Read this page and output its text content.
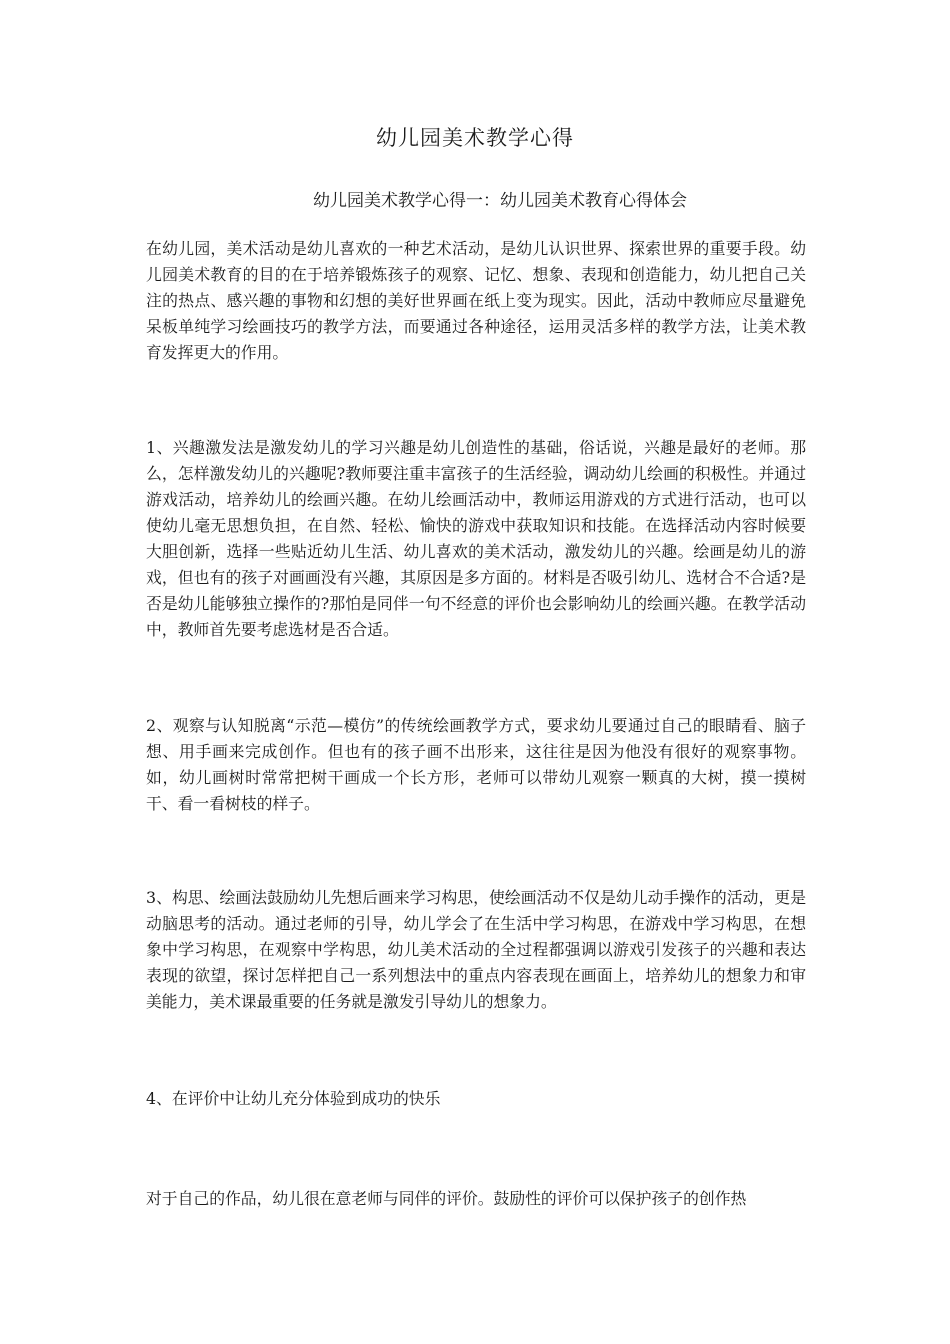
幼儿园美术教学心得
幼儿园美术教学心得一：幼儿园美术教育心得体会

在幼儿园，美术活动是幼儿喜欢的一种艺术活动，是幼儿认识世界、探索世界的重要手段。幼儿园美术教育的目的在于培养锻炼孩子的观察、记忆、想象、表现和创造能力，幼儿把自己关注的热点、感兴趣的事物和幻想的美好世界画在纸上变为现实。因此，活动中教师应尽量避免呆板单纯学习绘画技巧的教学方法，而要通过各种途径，运用灵活多样的教学方法，让美术教育发挥更大的作用。

1、兴趣激发法是激发幼儿的学习兴趣是幼儿创造性的基础，俗话说，兴趣是最好的老师。那么，怎样激发幼儿的兴趣呢?教师要注重丰富孩子的生活经验，调动幼儿绘画的积极性。并通过游戏活动，培养幼儿的绘画兴趣。在幼儿绘画活动中，教师运用游戏的方式进行活动，也可以使幼儿毫无思想负担，在自然、轻松、愉快的游戏中获取知识和技能。在选择活动内容时候要大胆创新，选择一些贴近幼儿生活、幼儿喜欢的美术活动，激发幼儿的兴趣。绘画是幼儿的游戏，但也有的孩子对画画没有兴趣，其原因是多方面的。材料是否吸引幼儿、选材合不合适?是否是幼儿能够独立操作的?那怕是同伴一句不经意的评价也会影响幼儿的绘画兴趣。在教学活动中，教师首先要考虑选材是否合适。

2、观察与认知脱离“示范—模仿”的传统绘画教学方式，要求幼儿要通过自己的眼睛看、脑子想、用手画来完成创作。但也有的孩子画不出形来，这往往是因为他没有很好的观察事物。如，幼儿画树时常常把树干画成一个长方形，老师可以带幼儿观察一颗真的大树，摸一摸树干、看一看树枝的样子。

3、构思、绘画法鼓励幼儿先想后画来学习构思，使绘画活动不仅是幼儿动手操作的活动，更是动脑思考的活动。通过老师的引导，幼儿学会了在生活中学习构思，在游戏中学习构思，在想象中学习构思，在观察中学构思，幼儿美术活动的全过程都强调以游戏引发孩子的兴趣和表达表现的欲望，探讨怎样把自己一系列想法中的重点内容表现在画面上，培养幼儿的想象力和审美能力，美术课最重要的任务就是激发引导幼儿的想象力。

4、在评价中让幼儿充分体验到成功的快乐

对于自己的作品，幼儿很在意老师与同伴的评价。鼓励性的评价可以保护孩子的创作热
